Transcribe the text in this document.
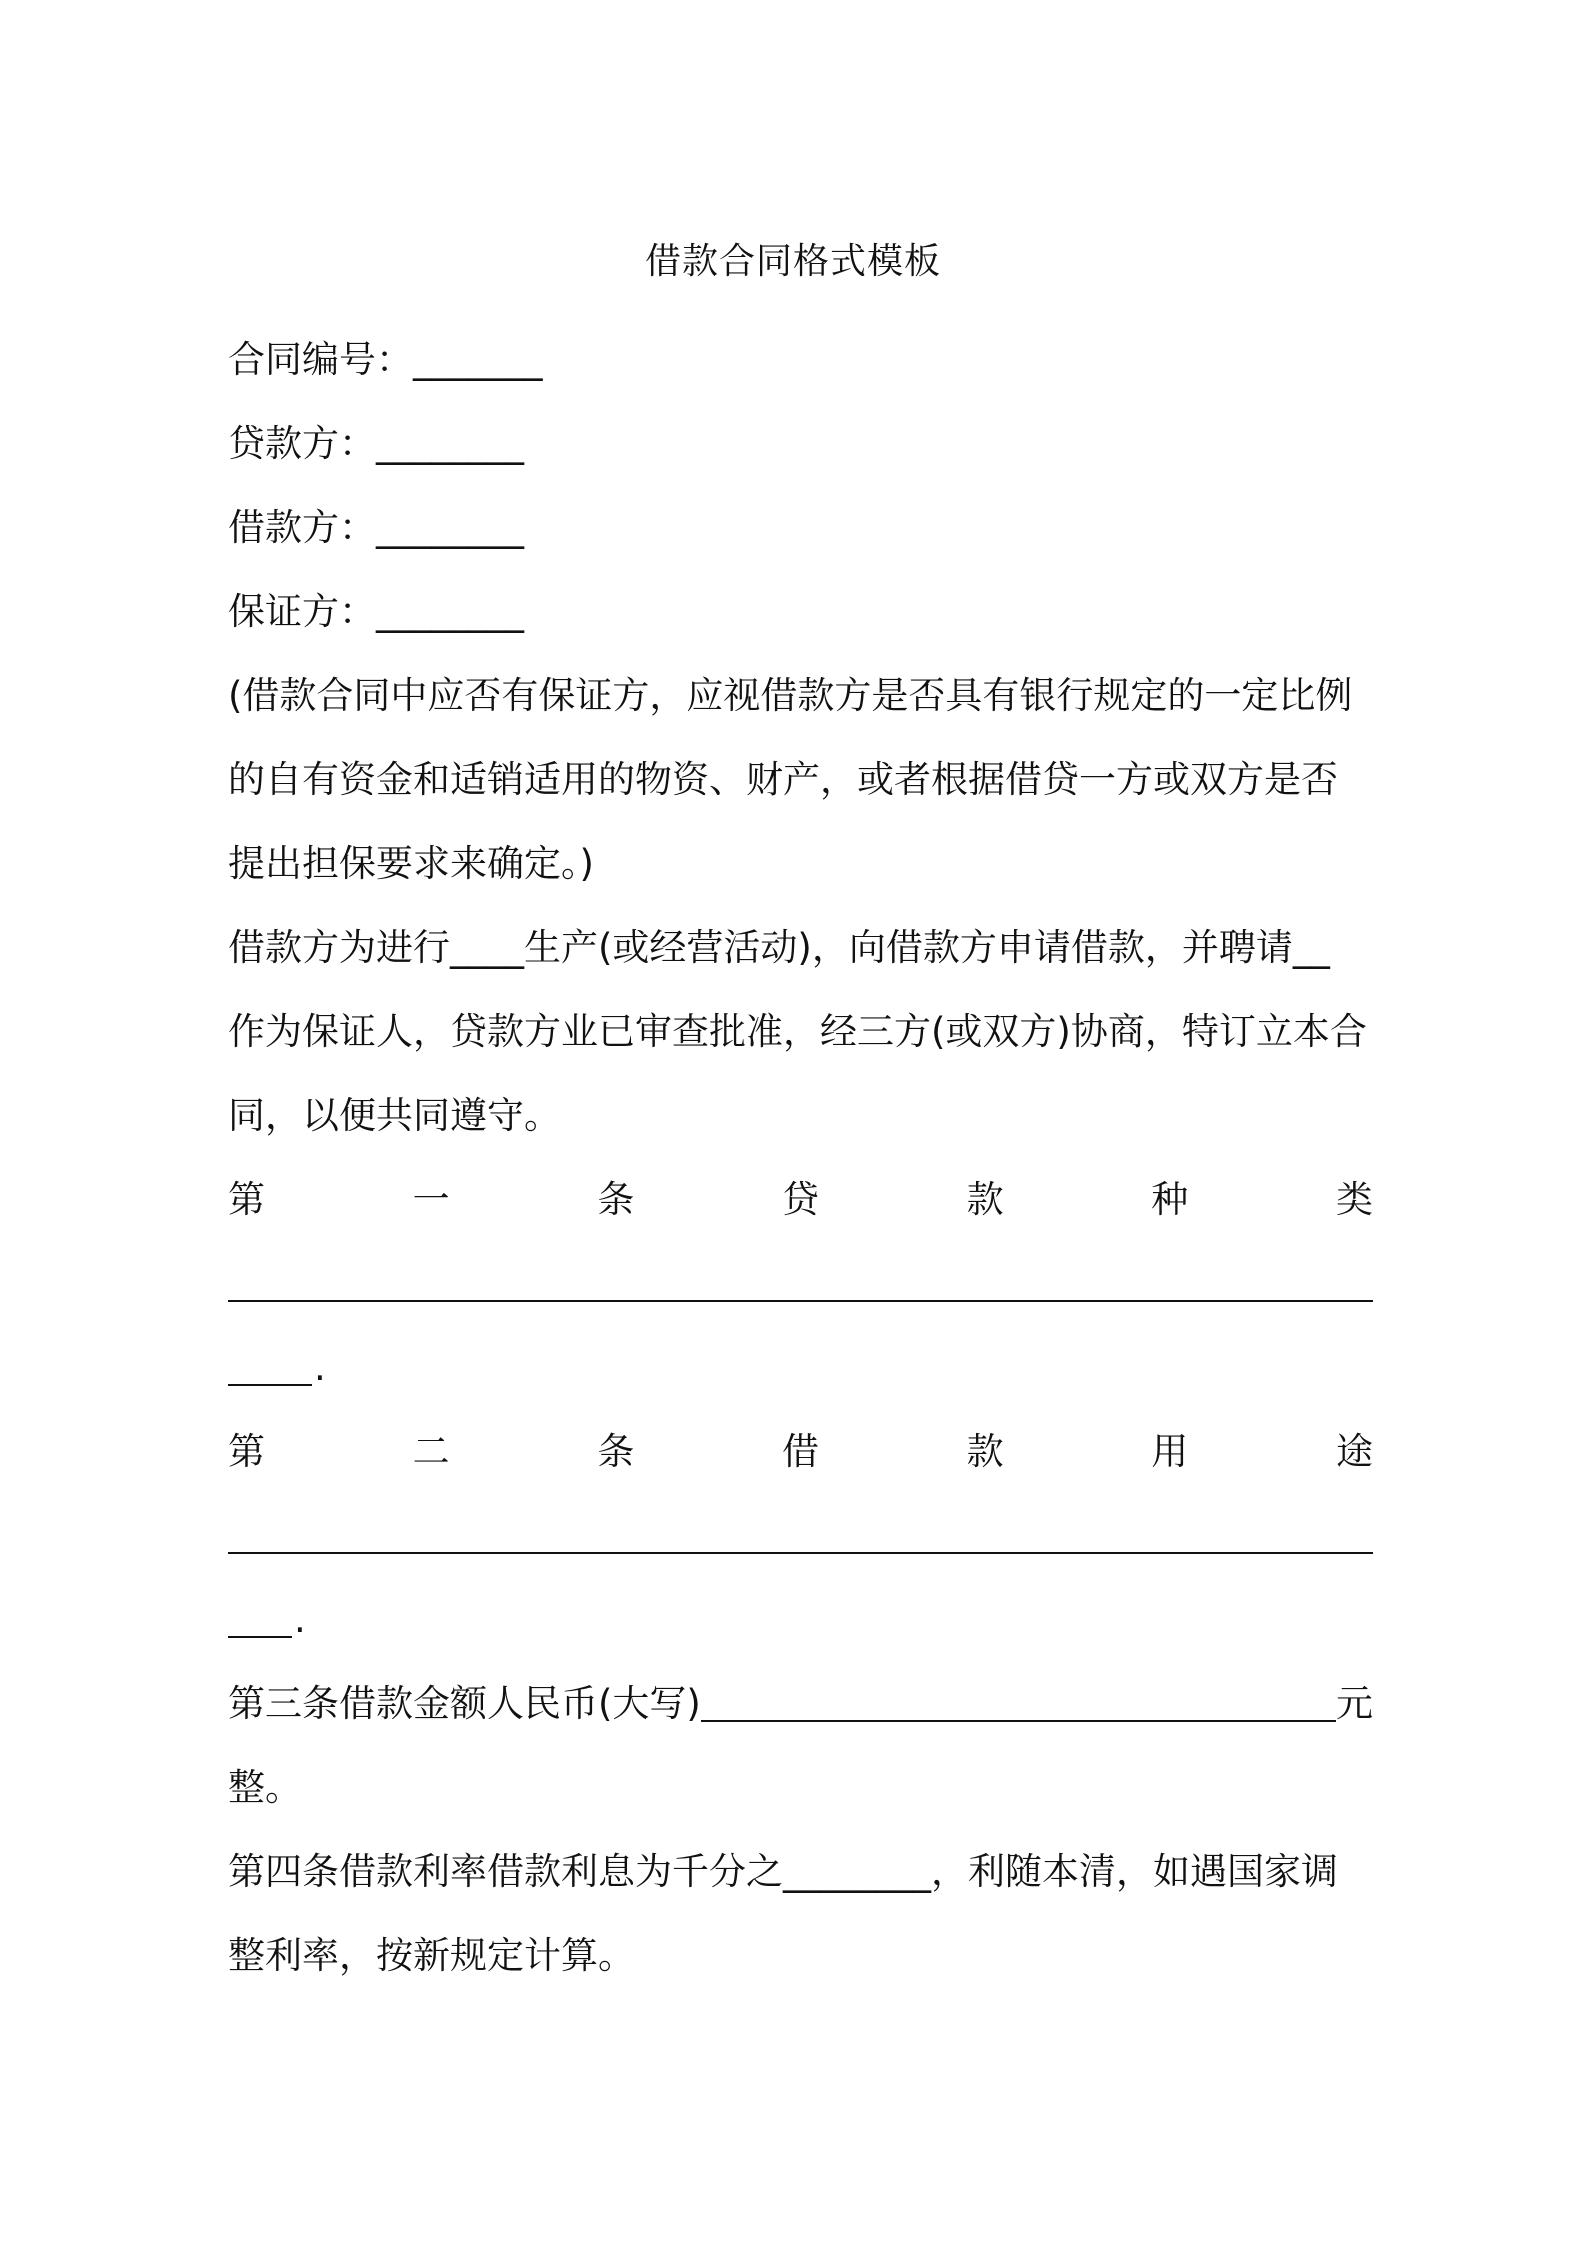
借款合同格式模板
合同编号：_______
贷款方：________
借款方：________
保证方：________
(借款合同中应否有保证方，应视借款方是否具有银行规定的一定比例
的自有资金和适销适用的物资、财产，或者根据借贷一方或双方是否
提出担保要求来确定。)
借款方为进行____生产(或经营活动)，向借款方申请借款，并聘请__
作为保证人，贷款方业已审查批准，经三方(或双方)协商，特订立本合
同，以便共同遵守。
第	一	条	贷	款	种	类
.
第	二	条	借	款	用	途
.
第三条借款金额人民币(大写)	元
整。
第四条借款利率借款利息为千分之________，利随本清，如遇国家调
整利率，按新规定计算。
